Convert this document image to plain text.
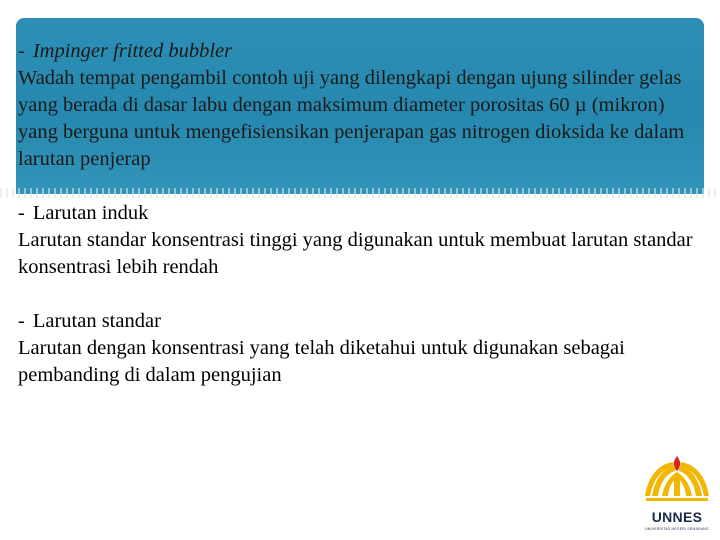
- Impinger fritted bubbler

Wadah tempat pengambil contoh uji yang dilengkapi dengan ujung silinder gelas yang berada di dasar labu dengan maksimum diameter porositas 60 µ (mikron) yang berguna untuk mengefisiensikan penjerapan gas nitrogen dioksida ke dalam larutan penjerap

- Larutan induk

Larutan standar konsentrasi tinggi yang digunakan untuk membuat larutan standar konsentrasi lebih rendah

- Larutan standar

Larutan dengan konsentrasi yang telah diketahui untuk digunakan sebagai pembanding di dalam pengujian

UNNES
UNIVERSITAS NEGERI SEMARANG
